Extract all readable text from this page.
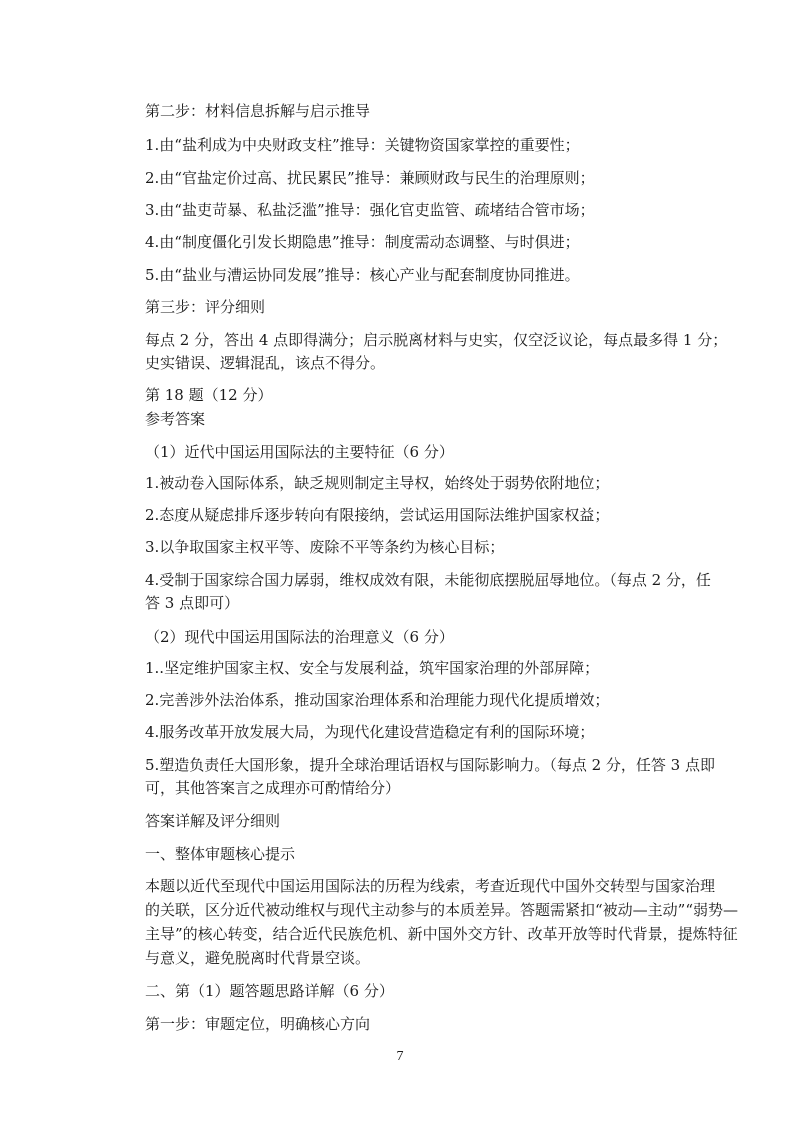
第二步：材料信息拆解与启示推导
1.由“盐利成为中央财政支柱”推导：关键物资国家掌控的重要性；
2.由“官盐定价过高、扰民累民”推导：兼顾财政与民生的治理原则；
3.由“盐吏苛暴、私盐泛滥”推导：强化官吏监管、疏堵结合管市场；
4.由“制度僵化引发长期隐患”推导：制度需动态调整、与时俱进；
5.由“盐业与漕运协同发展”推导：核心产业与配套制度协同推进。
第三步：评分细则
每点 2 分，答出 4 点即得满分；启示脱离材料与史实，仅空泛议论，每点最多得 1 分；
史实错误、逻辑混乱，该点不得分。
第 18 题（12 分）
参考答案
（1）近代中国运用国际法的主要特征（6 分）
1.被动卷入国际体系，缺乏规则制定主导权，始终处于弱势依附地位；
2.态度从疑虑排斥逐步转向有限接纳，尝试运用国际法维护国家权益；
3.以争取国家主权平等、废除不平等条约为核心目标；
4.受制于国家综合国力孱弱，维权成效有限，未能彻底摆脱屈辱地位。（每点 2 分，任
答 3 点即可）
（2）现代中国运用国际法的治理意义（6 分）
1..坚定维护国家主权、安全与发展利益，筑牢国家治理的外部屏障；
2.完善涉外法治体系，推动国家治理体系和治理能力现代化提质增效；
4.服务改革开放发展大局，为现代化建设营造稳定有利的国际环境；
5.塑造负责任大国形象，提升全球治理话语权与国际影响力。（每点 2 分，任答 3 点即
可，其他答案言之成理亦可酌情给分）
答案详解及评分细则
一、整体审题核心提示
本题以近代至现代中国运用国际法的历程为线索，考查近现代中国外交转型与国家治理
的关联，区分近代被动维权与现代主动参与的本质差异。答题需紧扣“被动—主动”“弱势—
主导”的核心转变，结合近代民族危机、新中国外交方针、改革开放等时代背景，提炼特征
与意义，避免脱离时代背景空谈。
二、第（1）题答题思路详解（6 分）
第一步：审题定位，明确核心方向
7
